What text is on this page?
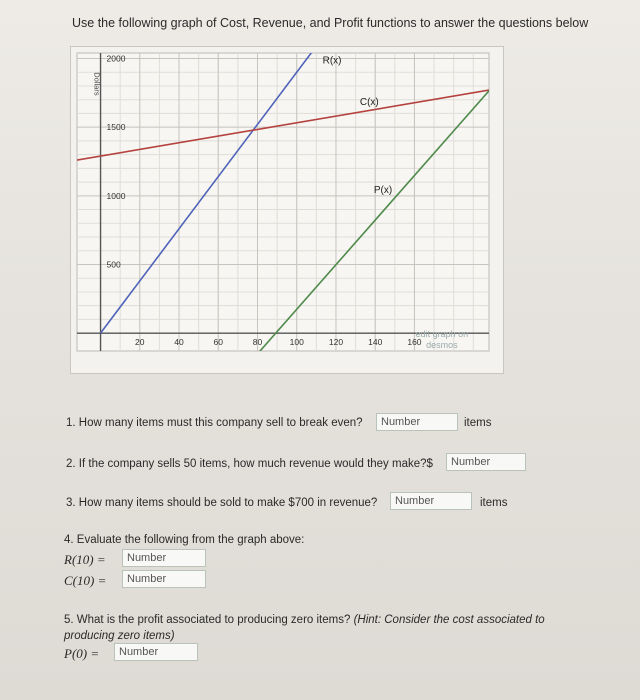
Use the following graph of Cost, Revenue, and Profit functions to answer the questions below
20	40	60	80	100	120	140	160
500
1000
1500
2000
Dollars
R(x)
C(x)
P(x)
edit graph on
desmos
1. How many items must this company sell to break even?	Number	items
2. If the company sells 50 items, how much revenue would they make?$	Number
3. How many items should be sold to make $700 in revenue?	Number	items
4. Evaluate the following from the graph above:
R(10) =	Number
C(10) =	Number
5. What is the profit associated to producing zero items? (Hint: Consider the cost associated to producing zero items)
P(0) =	Number
